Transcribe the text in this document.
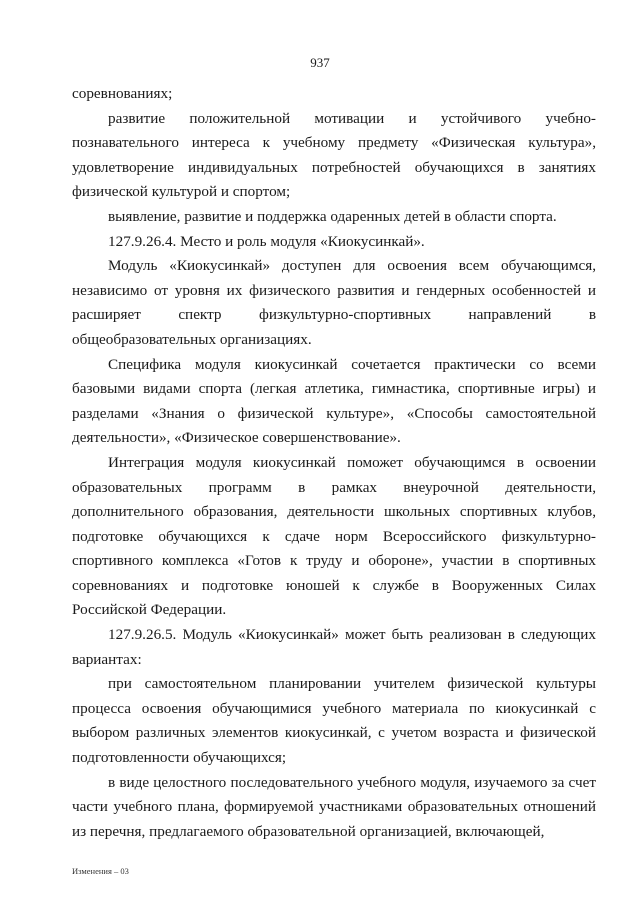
937

соревнованиях;

развитие положительной мотивации и устойчивого учебно-познавательного интереса к учебному предмету «Физическая культура», удовлетворение индивидуальных потребностей обучающихся в занятиях физической культурой и спортом;

выявление, развитие и поддержка одаренных детей в области спорта.

127.9.26.4. Место и роль модуля «Киокусинкай».

Модуль «Киокусинкай» доступен для освоения всем обучающимся, независимо от уровня их физического развития и гендерных особенностей и расширяет спектр физкультурно-спортивных направлений в общеобразовательных организациях.

Специфика модуля киокусинкай сочетается практически со всеми базовыми видами спорта (легкая атлетика, гимнастика, спортивные игры) и разделами «Знания о физической культуре», «Способы самостоятельной деятельности», «Физическое совершенствование».

Интеграция модуля киокусинкай поможет обучающимся в освоении образовательных программ в рамках внеурочной деятельности, дополнительного образования, деятельности школьных спортивных клубов, подготовке обучающихся к сдаче норм Всероссийского физкультурно-спортивного комплекса «Готов к труду и обороне», участии в спортивных соревнованиях и подготовке юношей к службе в Вооруженных Силах Российской Федерации.

127.9.26.5. Модуль «Киокусинкай» может быть реализован в следующих вариантах:

при самостоятельном планировании учителем физической культуры процесса освоения обучающимися учебного материала по киокусинкай с выбором различных элементов киокусинкай, с учетом возраста и физической подготовленности обучающихся;

в виде целостного последовательного учебного модуля, изучаемого за счет части учебного плана, формируемой участниками образовательных отношений из перечня, предлагаемого образовательной организацией, включающей,

Изменения – 03
